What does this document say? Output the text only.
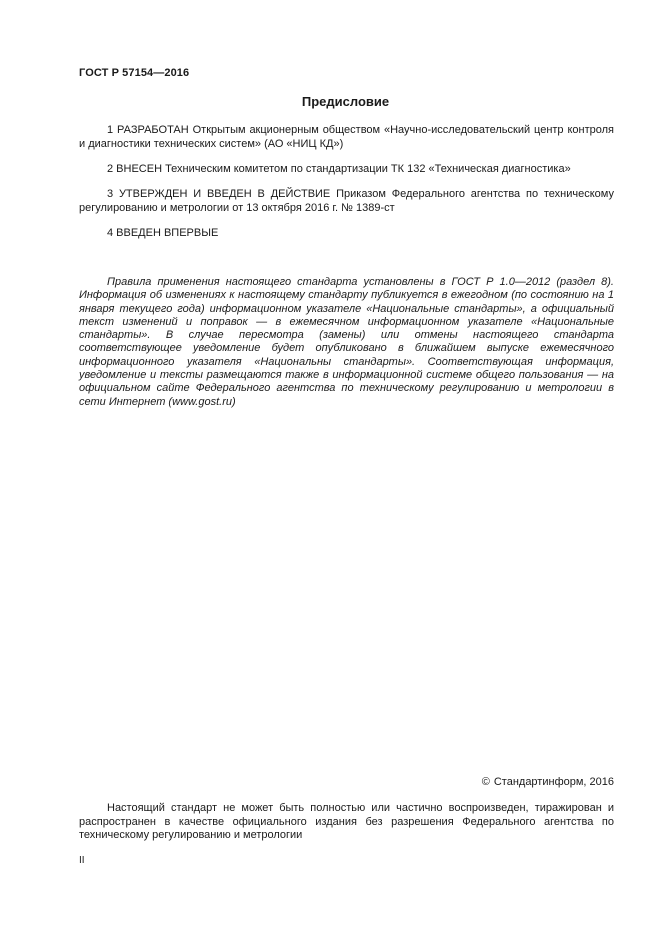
ГОСТ Р 57154—2016
Предисловие

1 РАЗРАБОТАН Открытым акционерным обществом «Научно-исследовательский центр контроля и диагностики технических систем» (АО «НИЦ КД»)

2 ВНЕСЕН Техническим комитетом по стандартизации ТК 132 «Техническая диагностика»

3 УТВЕРЖДЕН И ВВЕДЕН В ДЕЙСТВИЕ Приказом Федерального агентства по техническому регулированию и метрологии от 13 октября 2016 г. № 1389-ст

4 ВВЕДЕН ВПЕРВЫЕ

Правила применения настоящего стандарта установлены в ГОСТ Р 1.0—2012 (раздел 8). Информация об изменениях к настоящему стандарту публикуется в ежегодном (по состоянию на 1 января текущего года) информационном указателе «Национальные стандарты», а официальный текст изменений и поправок — в ежемесячном информационном указателе «Национальные стандарты». В случае пересмотра (замены) или отмены настоящего стандарта соответствующее уведомление будет опубликовано в ближайшем выпуске ежемесячного информационного указателя «Национальны стандарты». Соответствующая информация, уведомление и тексты размещаются также в информационной системе общего пользования — на официальном сайте Федерального агентства по техническому регулированию и метрологии в сети Интернет (www.gost.ru)

© Стандартинформ, 2016

Настоящий стандарт не может быть полностью или частично воспроизведен, тиражирован и распространен в качестве официального издания без разрешения Федерального агентства по техническому регулированию и метрологии

II
